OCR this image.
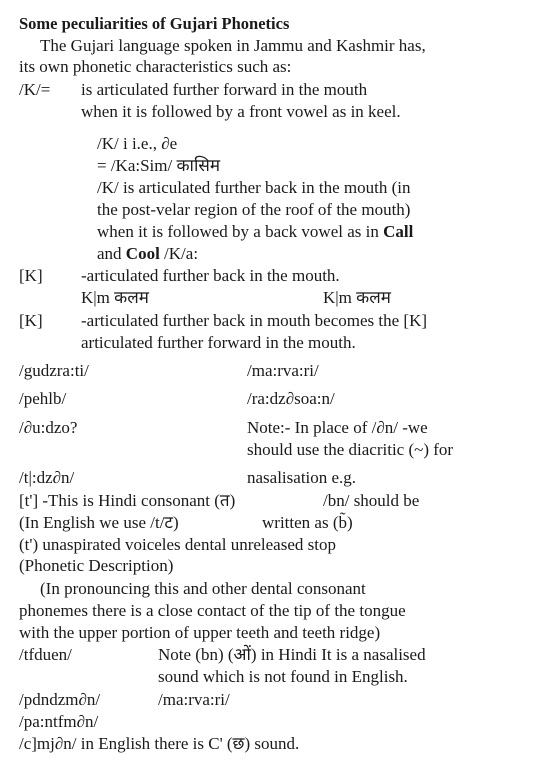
Some peculiarities of Gujari Phonetics
The Gujari language spoken in Jammu and Kashmir has,
its own phonetic characteristics such as:
/K/= is articulated further forward in the mouth
when it is followed by a front vowel as in keel.
/K/ i i.e., ∂e
= /Ka:Sim/ कासिम
/K/ is articulated further back in the mouth (in
the post-velar region of the roof of the mouth)
when it is followed by a back vowel as in Call
and Cool /K/a:
[K] -articulated further back in the mouth.
K|m कलम	K|m कलम
[K] -articulated further back in mouth becomes the [K]
articulated further forward in the mouth.
/gudzra:ti/	/ma:rva:ri/
/pehlb/	/ra:dz∂soa:n/
/∂u:dzo?	Note:- In place of /∂n/ -we
should use the diacritic (~) for
/t|:dz∂n/	nasalisation e.g.
[t'] -This is Hindi consonant (त)	/bn/ should be
(In English we use /t/ट)	written as (b̃)
(t') unaspirated voiceles dental unreleased stop
(Phonetic Description)
(In pronouncing this and other dental consonant
phonemes there is a close contact of the tip of the tongue
with the upper portion of upper teeth and teeth ridge)
/tfduen/	Note (bn) (ओं) in Hindi It is a nasalised
sound which is not found in English.
/pdndzm∂n/	/ma:rva:ri/
/pa:ntfm∂n/
/c]mj∂n/ in English there is C' (छ) sound.
